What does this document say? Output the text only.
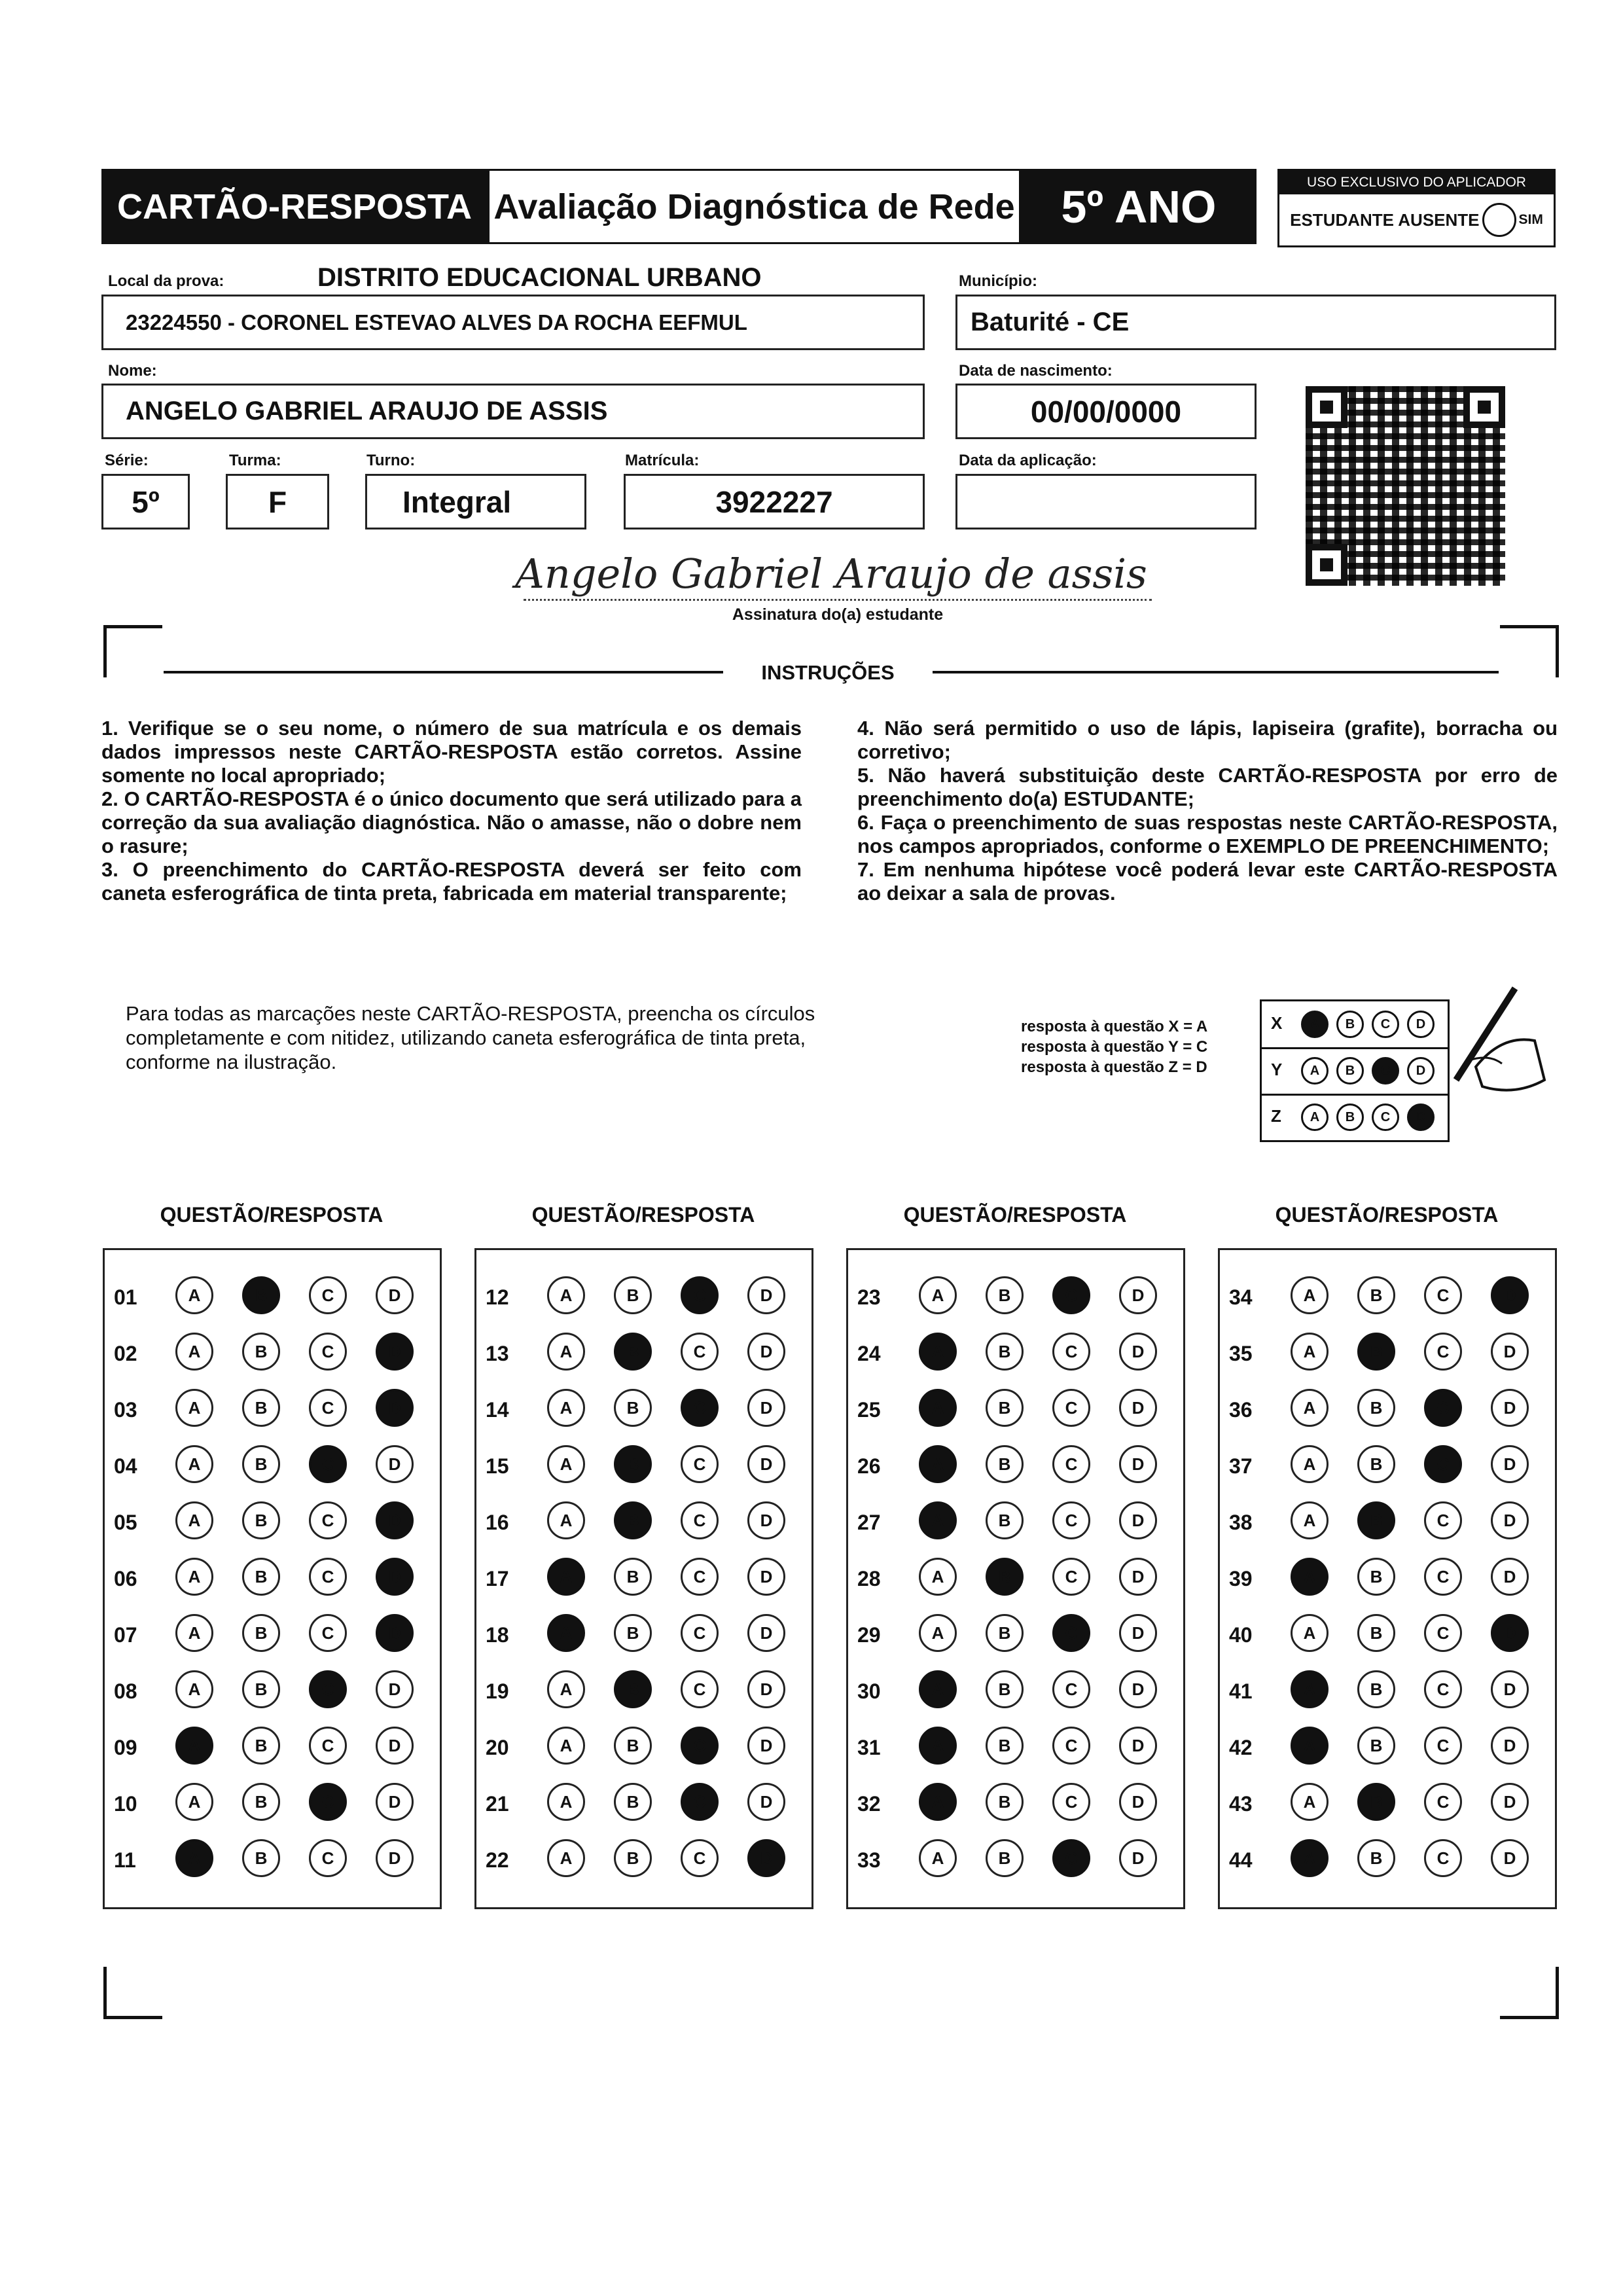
CARTÃO-RESPOSTA Avaliação Diagnóstica de Rede 5º ANO	USO EXCLUSIVO DO APLICADOR
ESTUDANTE AUSENTE	SIM
Local da prova:	DISTRITO EDUCACIONAL URBANO
23224550 - CORONEL ESTEVAO ALVES DA ROCHA EEFMUL
Município:
Baturité - CE
Nome:
ANGELO GABRIEL ARAUJO DE ASSIS
Data de nascimento:
00/00/0000
Série:
5º
Turma:
F
Turno:
Integral
Matrícula:
3922227
Data da aplicação:
Angelo Gabriel Araujo de assis
Assinatura do(a) estudante
INSTRUÇÕES

1. Verifique se o seu nome, o número de sua matrícula e os demais dados impressos neste CARTÃO-RESPOSTA estão corretos. Assine somente no local apropriado;

2. O CARTÃO-RESPOSTA é o único documento que será utilizado para a correção da sua avaliação diagnóstica. Não o amasse, não o dobre nem o rasure;

3. O preenchimento do CARTÃO-RESPOSTA deverá ser feito com caneta esferográfica de tinta preta, fabricada em material transparente;

4. Não será permitido o uso de lápis, lapiseira (grafite), borracha ou corretivo;

5. Não haverá substituição deste CARTÃO-RESPOSTA por erro de preenchimento do(a) ESTUDANTE;

6. Faça o preenchimento de suas respostas neste CARTÃO-RESPOSTA, nos campos apropriados, conforme o EXEMPLO DE PREENCHIMENTO;

7. Em nenhuma hipótese você poderá levar este CARTÃO-RESPOSTA ao deixar a sala de provas.

Para todas as marcações neste CARTÃO-RESPOSTA, preencha os círculos completamente e com nitidez, utilizando caneta esferográfica de tinta preta, conforme na ilustração.
resposta à questão X = A
resposta à questão Y = C
resposta à questão Z = D
X	A	B	C	D
Y	A	B	C	D
Z	A	B	C	D
QUESTÃO/RESPOSTA	QUESTÃO/RESPOSTA	QUESTÃO/RESPOSTA	QUESTÃO/RESPOSTA
01	A	B	C	D
02	A	B	C	D
03	A	B	C	D
04	A	B	C	D
05	A	B	C	D
06	A	B	C	D
07	A	B	C	D
08	A	B	C	D
09	A	B	C	D
10	A	B	C	D
11	A	B	C	D
12	A	B	C	D
13	A	B	C	D
14	A	B	C	D
15	A	B	C	D
16	A	B	C	D
17	A	B	C	D
18	A	B	C	D
19	A	B	C	D
20	A	B	C	D
21	A	B	C	D
22	A	B	C	D
23	A	B	C	D
24	A	B	C	D
25	A	B	C	D
26	A	B	C	D
27	A	B	C	D
28	A	B	C	D
29	A	B	C	D
30	A	B	C	D
31	A	B	C	D
32	A	B	C	D
33	A	B	C	D
34	A	B	C	D
35	A	B	C	D
36	A	B	C	D
37	A	B	C	D
38	A	B	C	D
39	A	B	C	D
40	A	B	C	D
41	A	B	C	D
42	A	B	C	D
43	A	B	C	D
44	A	B	C	D
